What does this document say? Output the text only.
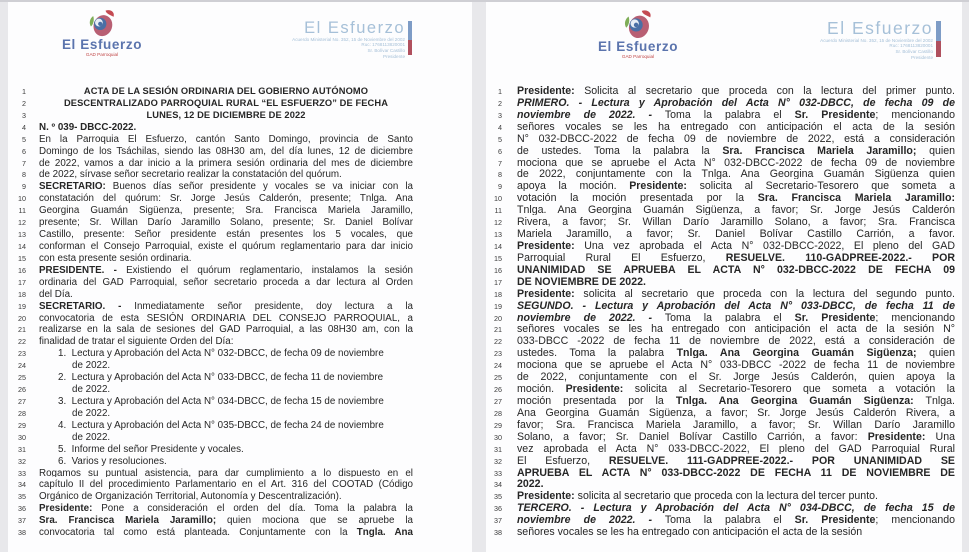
El Esfuerzo
GAD Parroquial
El Esfuerzo
Acuerdo Ministerial No. 352, 15 de Noviembre del 2002
Ruc: 1768113820001
Sr. Bolívar Castillo
Presidente
1	ACTA DE LA SESIÓN ORDINARIA DEL GOBIERNO AUTÓNOMO
2	DESCENTRALIZADO PARROQUIAL RURAL “EL ESFUERZO” DE FECHA
3	LUNES, 12 DE DICIEMBRE DE 2022
4 N. º 039- DBCC-2022.
5 En la Parroquia El Esfuerzo, cantón Santo Domingo, provincia de Santo
6 Domingo de los Tsáchilas, siendo las 08H30 am, del día lunes, 12 de diciembre
7 de 2022, vamos a dar inicio a la primera sesión ordinaria del mes de diciembre
8 de 2022, sírvase señor secretario realizar la constatación del quórum.
9 SECRETARIO: Buenos días señor presidente y vocales se va iniciar con la
10 constatación del quórum: Sr. Jorge Jesús Calderón, presente; Tnlga. Ana
11 Georgina Guamán Sigüenza, presente; Sra. Francisca Mariela Jaramillo,
12 presente; Sr. Willan Darío Jaramillo Solano, presente; Sr. Daniel Bolívar
13 Castillo, presente: Señor presidente están presentes los 5 vocales, que
14 conforman el Consejo Parroquial, existe el quórum reglamentario para dar inicio
15 con esta presente sesión ordinaria.
16 PRESIDENTE. - Existiendo el quórum reglamentario, instalamos la sesión
17 ordinaria del GAD Parroquial, señor secretario proceda a dar lectura al Orden
18 del Día.
19 SECRETARIO. - Inmediatamente señor presidente, doy lectura a la
20 convocatoria de esta SESIÓN ORDINARIA DEL CONSEJO PARROQUIAL, a
21 realizarse en la sala de sesiones del GAD Parroquial, a las 08H30 am, con la
22 finalidad de tratar el siguiente Orden del Día:
23	1.  Lectura y Aprobación del Acta N° 032-DBCC, de fecha 09 de noviembre
24	de 2022.
25	2.  Lectura y Aprobación del Acta N° 033-DBCC, de fecha 11 de noviembre
26	de 2022.
27	3.  Lectura y Aprobación del Acta N° 034-DBCC, de fecha 15 de noviembre
28	de 2022.
29	4.  Lectura y Aprobación del Acta N° 035-DBCC, de fecha 24 de noviembre
30	de 2022.
31	5.  Informe del señor Presidente y vocales.
32	6.  Varios y resoluciones.
33 Rogamos su puntual asistencia, para dar cumplimiento a lo dispuesto en el
34 capítulo II del procedimiento Parlamentario en el Art. 316 del COOTAD (Código
35 Orgánico de Organización Territorial, Autonomía y Descentralización).
36 Presidente: Pone a consideración el orden del día. Toma la palabra la
37 Sra. Francisca Mariela Jaramillo; quien mociona que se apruebe la
38 convocatoria tal como está planteada. Conjuntamente con la Tngla. Ana
El Esfuerzo
GAD Parroquial
El Esfuerzo
Acuerdo Ministerial No. 352, 15 de Noviembre del 2002
Ruc: 1768113820001
Sr. Bolívar Castillo
Presidente
1 Presidente: Solicita al secretario que proceda con la lectura del primer punto.
2 PRIMERO. - Lectura y Aprobación del Acta N° 032-DBCC, de fecha 09 de
3 noviembre de 2022. - Toma la palabra el Sr. Presidente; mencionando
4 señores vocales se les ha entregado con anticipación el acta de la sesión
5 N° 032-DBCC-2022 de fecha 09 de noviembre de 2022, está a consideración
6 de ustedes. Toma la palabra la Sra. Francisca Mariela Jaramillo; quien
7 mociona que se apruebe el Acta N° 032-DBCC-2022 de fecha 09 de noviembre
8 de 2022, conjuntamente con la Tnlga. Ana Georgina Guamán Sigüenza quien
9 apoya la moción. Presidente: solicita al Secretario-Tesorero que someta a
10 votación la moción presentada por la Sra. Francisca Mariela Jaramillo:
11 Tnlga. Ana Georgina Guamán Sigüenza, a favor; Sr. Jorge Jesús Calderón
12 Rivera, a favor; Sr. Willan Darío Jaramillo Solano, a favor; Sra. Francisca
13 Mariela Jaramillo, a favor; Sr. Daniel Bolívar Castillo Carrión, a favor.
14 Presidente: Una vez aprobada el Acta N° 032-DBCC-2022, El pleno del GAD
15 Parroquial Rural El Esfuerzo, RESUELVE. 110-GADPREE-2022.- POR
16 UNANIMIDAD SE APRUEBA EL ACTA N° 032-DBCC-2022 DE FECHA 09
17 DE NOVIEMBRE DE 2022.
18 Presidente: solicita al secretario que proceda con la lectura del segundo punto.
19 SEGUNDO. - Lectura y Aprobación del Acta N° 033-DBCC, de fecha 11 de
20 noviembre de 2022. - Toma la palabra el Sr. Presidente; mencionando
21 señores vocales se les ha entregado con anticipación el acta de la sesión N°
22 033-DBCC -2022 de fecha 11 de noviembre de 2022, está a consideración de
23 ustedes. Toma la palabra Tnlga. Ana Georgina Guamán Sigüenza; quien
24 mociona que se apruebe el Acta N° 033-DBCC -2022 de fecha 11 de noviembre
25 de 2022, conjuntamente con el Sr. Jorge Jesús Calderón, quien apoya la
26 moción. Presidente: solicita al Secretario-Tesorero que someta a votación la
27 moción presentada por la Tnlga. Ana Georgina Guamán Sigüenza: Tnlga.
28 Ana Georgina Guamán Sigüenza, a favor; Sr. Jorge Jesús Calderón Rivera, a
29 favor; Sra. Francisca Mariela Jaramillo, a favor; Sr. Willan Darío Jaramillo
30 Solano, a favor; Sr. Daniel Bolívar Castillo Carrión, a favor: Presidente: Una
31 vez aprobada el Acta N° 033-DBCC-2022, El pleno del GAD Parroquial Rural
32 El Esfuerzo, RESUELVE. 111-GADPREE-2022.- POR UNANIMIDAD SE
33 APRUEBA EL ACTA N° 033-DBCC-2022 DE FECHA 11 DE NOVIEMBRE DE
34 2022.
35 Presidente: solicita al secretario que proceda con la lectura del tercer punto.
36 TERCERO. - Lectura y Aprobación del Acta N° 034-DBCC, de fecha 15 de
37 noviembre de 2022. - Toma la palabra el Sr. Presidente; mencionando
38 señores vocales se les ha entregado con anticipación el acta de la sesión
